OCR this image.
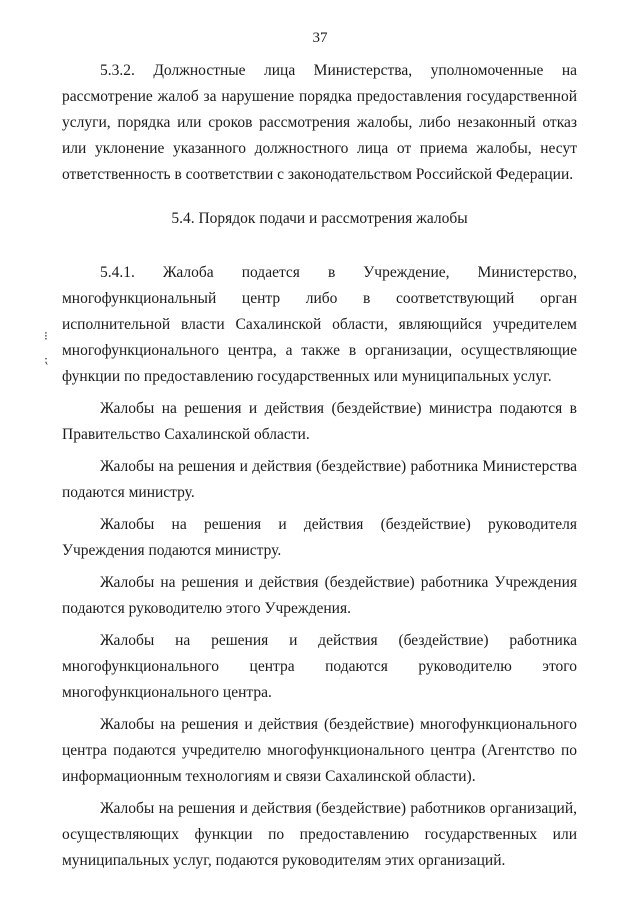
37
⁝
⁏

5.3.2. Должностные лица Министерства, уполномоченные на рассмотрение жалоб за нарушение порядка предоставления государственной услуги, порядка или сроков рассмотрения жалобы, либо незаконный отказ или уклонение указанного должностного лица от приема жалобы, несут ответственность в соответствии с законодательством Российской Федерации.

5.4. Порядок подачи и рассмотрения жалобы

5.4.1. Жалоба подается в Учреждение, Министерство, многофункциональный центр либо в соответствующий орган исполнительной власти Сахалинской области, являющийся учредителем многофункционального центра, а также в организации, осуществляющие функции по предоставлению государственных или муниципальных услуг.

Жалобы на решения и действия (бездействие) министра подаются в Правительство Сахалинской области.

Жалобы на решения и действия (бездействие) работника Министерства подаются министру.

Жалобы на решения и действия (бездействие) руководителя Учреждения подаются министру.

Жалобы на решения и действия (бездействие) работника Учреждения подаются руководителю этого Учреждения.

Жалобы на решения и действия (бездействие) работника многофункционального центра подаются руководителю этого многофункционального центра.

Жалобы на решения и действия (бездействие) многофункционального центра подаются учредителю многофункционального центра (Агентство по информационным технологиям и связи Сахалинской области).

Жалобы на решения и действия (бездействие) работников организаций, осуществляющих функции по предоставлению государственных или муниципальных услуг, подаются руководителям этих организаций.
